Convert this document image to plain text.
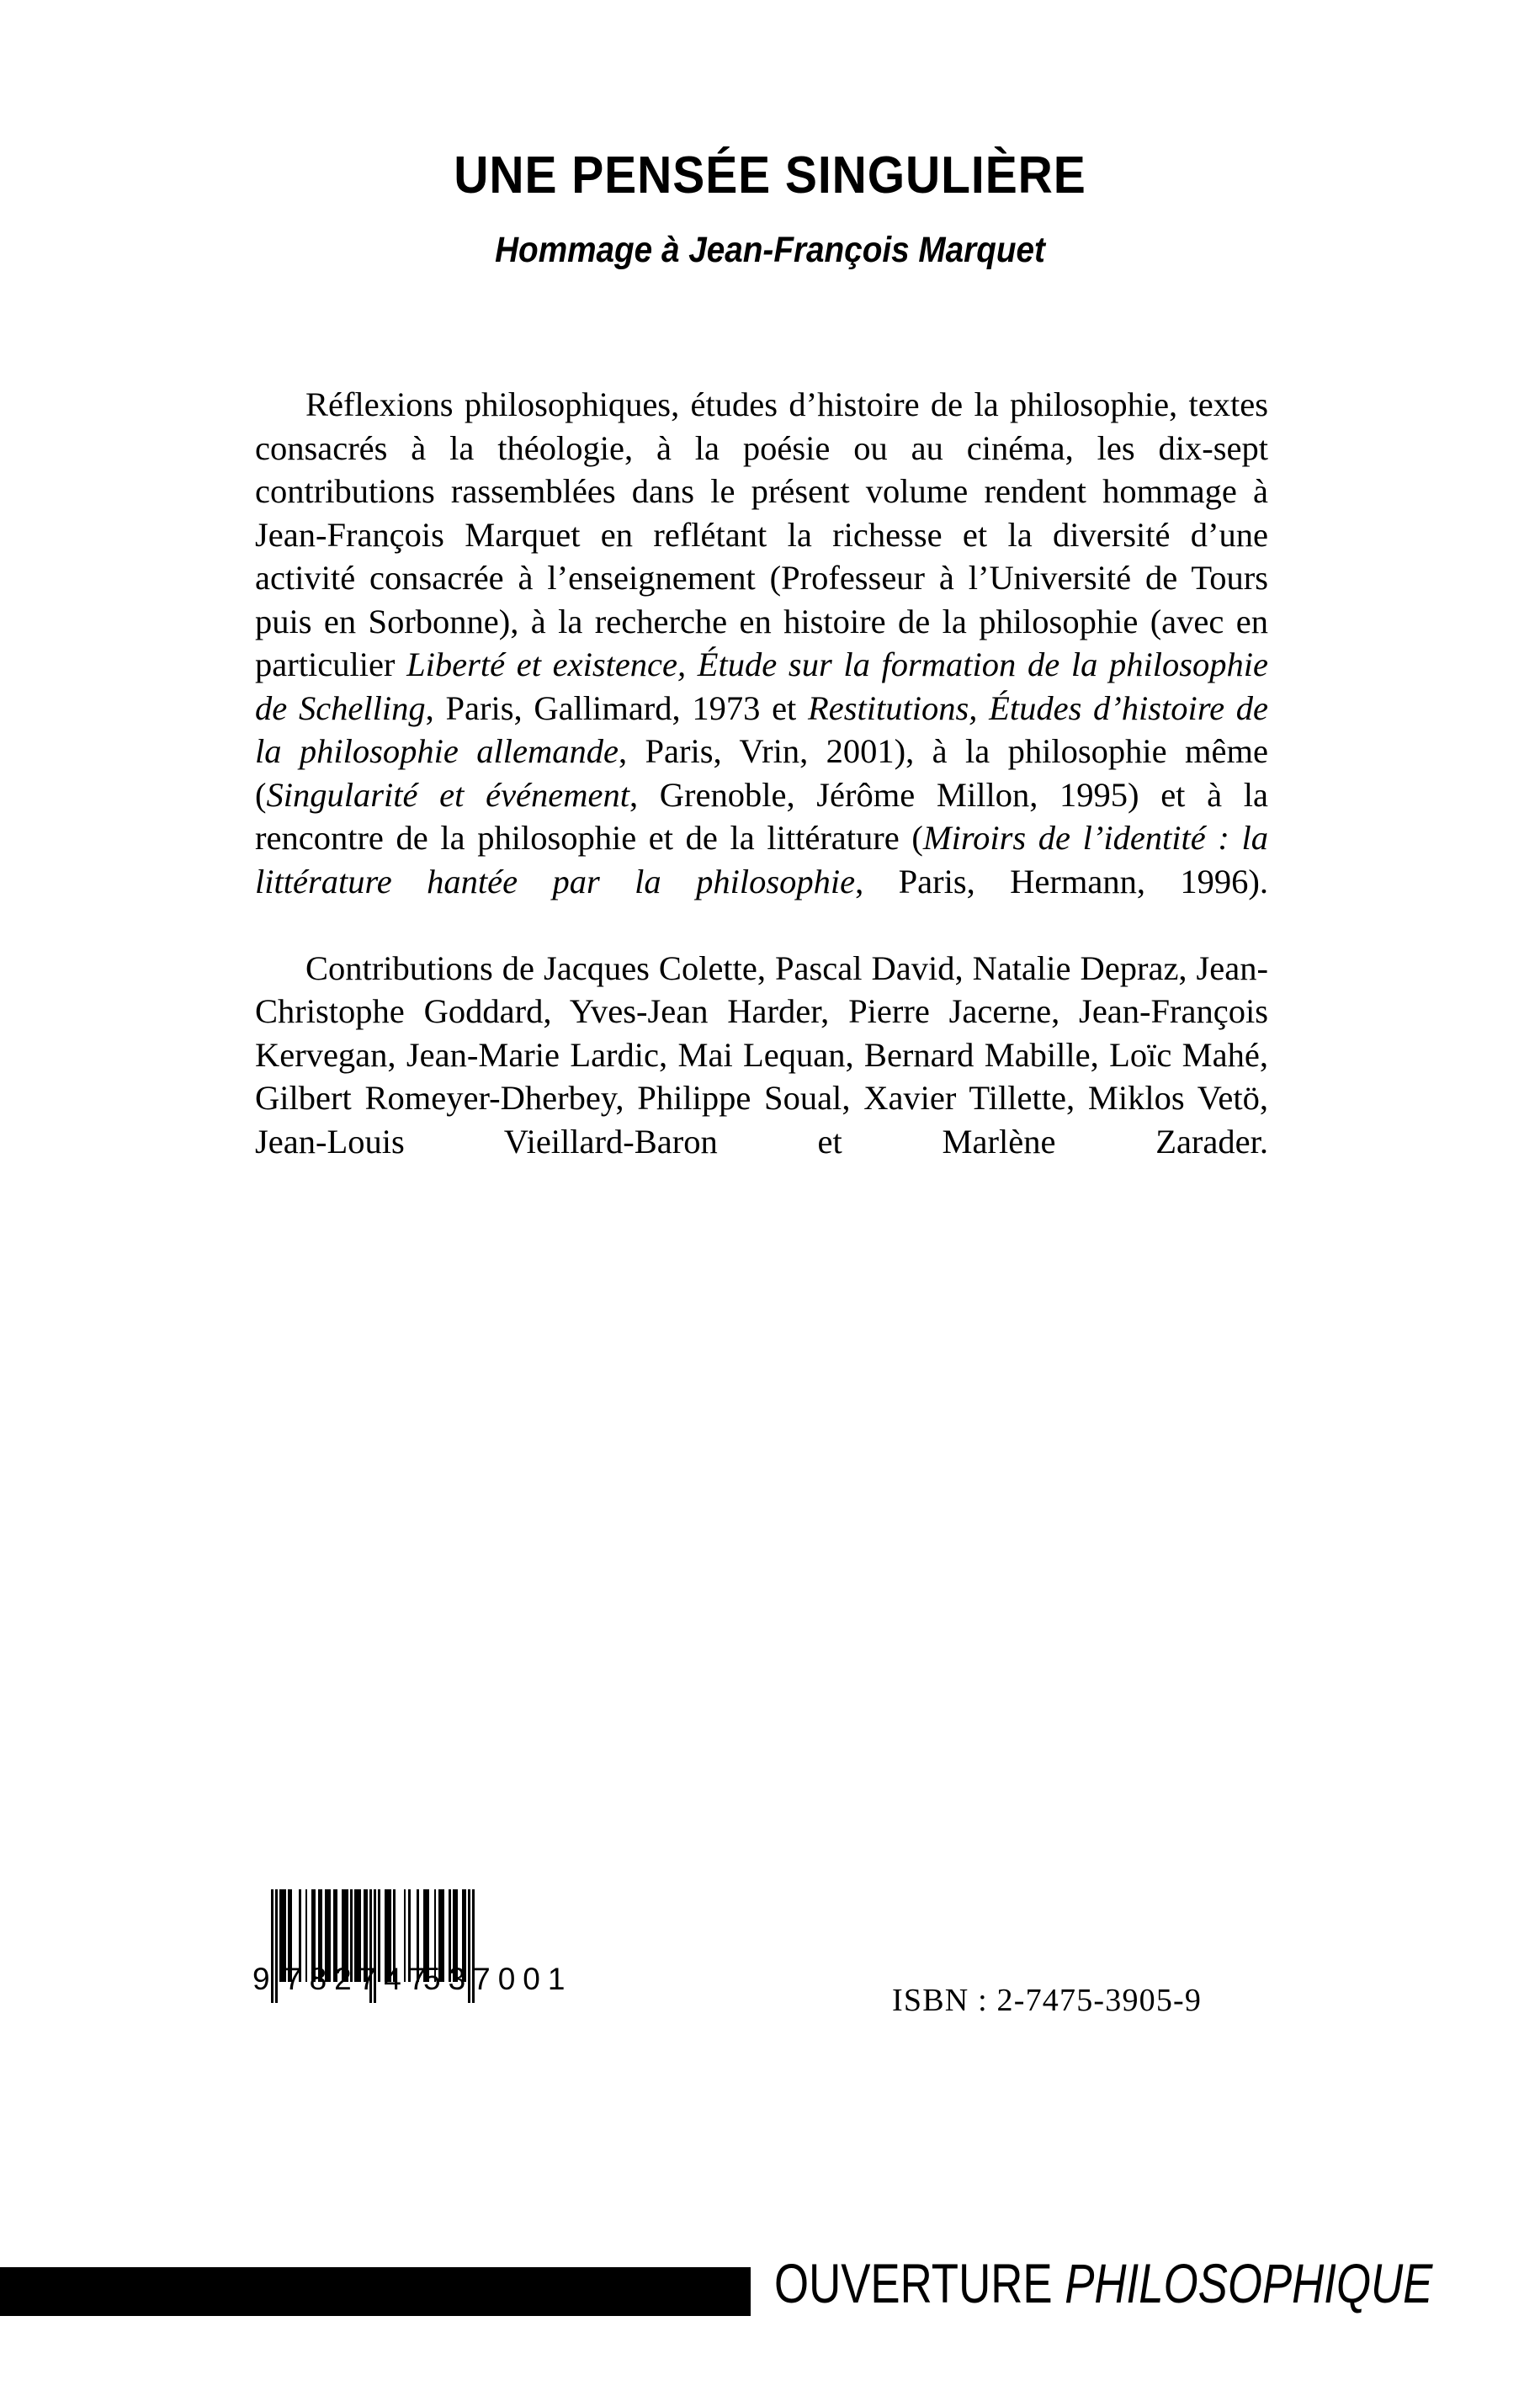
UNE PENSÉE SINGULIÈRE
Hommage à Jean-François Marquet

Réflexions philosophiques, études d’histoire de la philosophie, textes consacrés à la théologie, à la poésie ou au cinéma, les dix-sept contributions rassemblées dans le présent volume rendent hommage à Jean-François Marquet en reflétant la richesse et la diversité d’une activité consacrée à l’enseignement (Professeur à l’Université de Tours puis en Sorbonne), à la recherche en histoire de la philosophie (avec en particulier Liberté et existence, Étude sur la formation de la philosophie de Schelling, Paris, Gallimard, 1973 et Restitutions, Études d’histoire de la philosophie allemande, Paris, Vrin, 2001), à la philosophie même (Singularité et événement, Grenoble, Jérôme Millon, 1995) et à la rencontre de la philosophie et de la littérature (Miroirs de l’identité : la littérature hantée par la philosophie, Paris, Hermann, 1996).

Contributions de Jacques Colette, Pascal David, Natalie Depraz, Jean-Christophe Goddard, Yves-Jean Harder, Pierre Jacerne, Jean-François Kervegan, Jean-Marie Lardic, Mai Lequan, Bernard Mabille, Loïc Mahé, Gilbert Romeyer-Dherbey, Philippe Soual, Xavier Tillette, Miklos Vetö, Jean-Louis Vieillard-Baron et Marlène Zarader.

9 782747
537001
ISBN : 2-7475-3905-9
OUVERTURE PHILOSOPHIQUE
